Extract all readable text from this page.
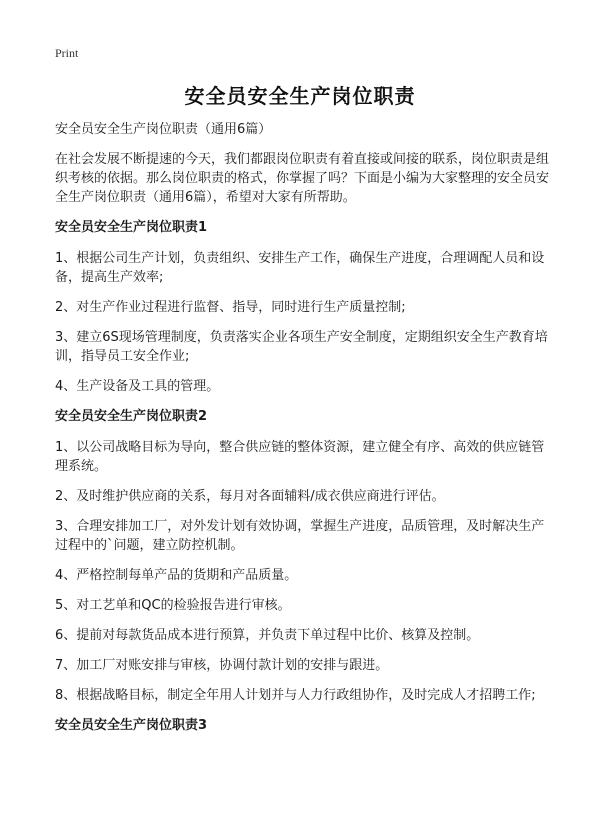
Print
安全员安全生产岗位职责

安全员安全生产岗位职责（通用6篇）

在社会发展不断提速的今天，我们都跟岗位职责有着直接或间接的联系，岗位职责是组织考核的依据。那么岗位职责的格式，你掌握了吗？下面是小编为大家整理的安全员安全生产岗位职责（通用6篇），希望对大家有所帮助。

安全员安全生产岗位职责1

1、根据公司生产计划，负责组织、安排生产工作，确保生产进度，合理调配人员和设备，提高生产效率;

2、对生产作业过程进行监督、指导，同时进行生产质量控制;

3、建立6S现场管理制度，负责落实企业各项生产安全制度，定期组织安全生产教育培训，指导员工安全作业;

4、生产设备及工具的管理。

安全员安全生产岗位职责2

1、以公司战略目标为导向，整合供应链的整体资源，建立健全有序、高效的供应链管理系统。

2、及时维护供应商的关系，每月对各面辅料/成衣供应商进行评估。

3、合理安排加工厂，对外发计划有效协调，掌握生产进度，品质管理，及时解决生产过程中的`问题，建立防控机制。

4、严格控制每单产品的货期和产品质量。

5、对工艺单和QC的检验报告进行审核。

6、提前对每款货品成本进行预算，并负责下单过程中比价、核算及控制。

7、加工厂对账安排与审核，协调付款计划的安排与跟进。

8、根据战略目标，制定全年用人计划并与人力行政组协作，及时完成人才招聘工作;

安全员安全生产岗位职责3
